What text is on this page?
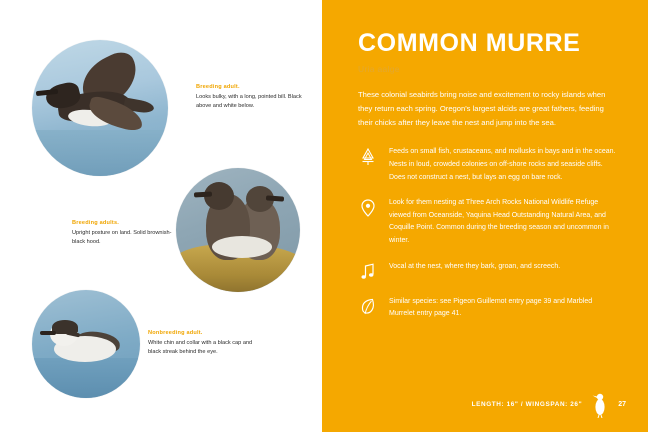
Breeding adult.
Looks bulky, with a long, pointed bill. Black above and white below.
Breeding adults.
Upright posture on land. Solid brownish-black hood.
Nonbreeding adult.
White chin and collar with a black cap and black streak behind the eye.
COMMON MURRE
Uria aalge

These colonial seabirds bring noise and excitement to rocky islands when they return each spring. Oregon's largest alcids are great fathers, feeding their chicks after they leave the nest and jump into the sea.

Feeds on small fish, crustaceans, and mollusks in bays and in the ocean. Nests in loud, crowded colonies on off-shore rocks and seaside cliffs. Does not construct a nest, but lays an egg on bare rock.
Look for them nesting at Three Arch Rocks National Wildlife Refuge viewed from Oceanside, Yaquina Head Outstanding Natural Area, and Coquille Point. Common during the breeding season and uncommon in winter.
Vocal at the nest, where they bark, groan, and screech.
Similar species: see Pigeon Guillemot entry page 39 and Marbled Murrelet entry page 41.
LENGTH: 16" / WINGSPAN: 26"	27
